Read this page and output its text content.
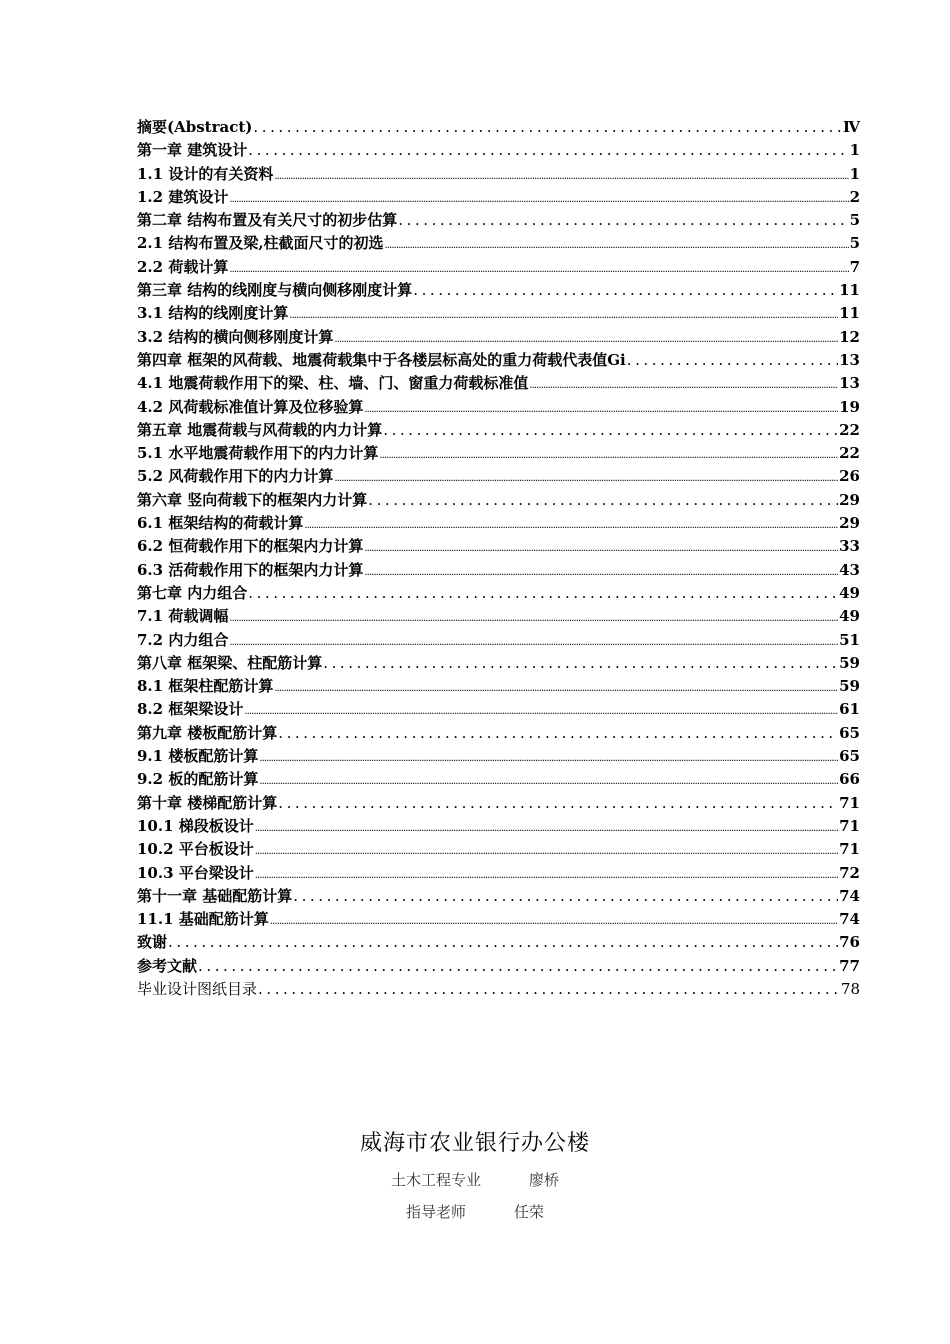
摘要(Abstract) . . .	Ⅳ
第一章 建筑设计 . . .	1
1.1 设计的有关资料 .....	1
1.2 建筑设计 .....	2
第二章 结构布置及有关尺寸的初步估算 . . .	5
2.1 结构布置及梁,柱截面尺寸的初选 .....	5
2.2 荷载计算 .....	7
第三章 结构的线刚度与横向侧移刚度计算 . . .	11
3.1 结构的线刚度计算 .....	11
3.2 结构的横向侧移刚度计算 .....	12
第四章 框架的风荷载、地震荷载集中于各楼层标高处的重力荷载代表值Gi . . .	13
4.1 地震荷载作用下的梁、柱、墙、门、窗重力荷载标准值 .....	13
4.2 风荷载标准值计算及位移验算 .....	19
第五章 地震荷载与风荷载的内力计算 . . .	22
5.1 水平地震荷载作用下的内力计算 .....	22
5.2 风荷载作用下的内力计算 .....	26
第六章 竖向荷载下的框架内力计算 . . .	29
6.1 框架结构的荷载计算 .....	29
6.2 恒荷载作用下的框架内力计算 .....	33
6.3 活荷载作用下的框架内力计算 .....	43
第七章 内力组合 . . .	49
7.1 荷载调幅 .....	49
7.2 内力组合 .....	51
第八章 框架梁、柱配筋计算 . . .	59
8.1 框架柱配筋计算 .....	59
8.2 框架梁设计 .....	61
第九章 楼板配筋计算 . . .	65
9.1 楼板配筋计算 .....	65
9.2 板的配筋计算 .....	66
第十章 楼梯配筋计算 . . .	71
10.1 梯段板设计 .....	71
10.2 平台板设计 .....	71
10.3 平台梁设计 .....	72
第十一章 基础配筋计算 . . .	74
11.1 基础配筋计算 .....	74
致谢 . . .	76
参考文献 . . .	77
毕业设计图纸目录 . . .	78
威海市农业银行办公楼
土木工程专业	廖桥
指导老师	任荣
